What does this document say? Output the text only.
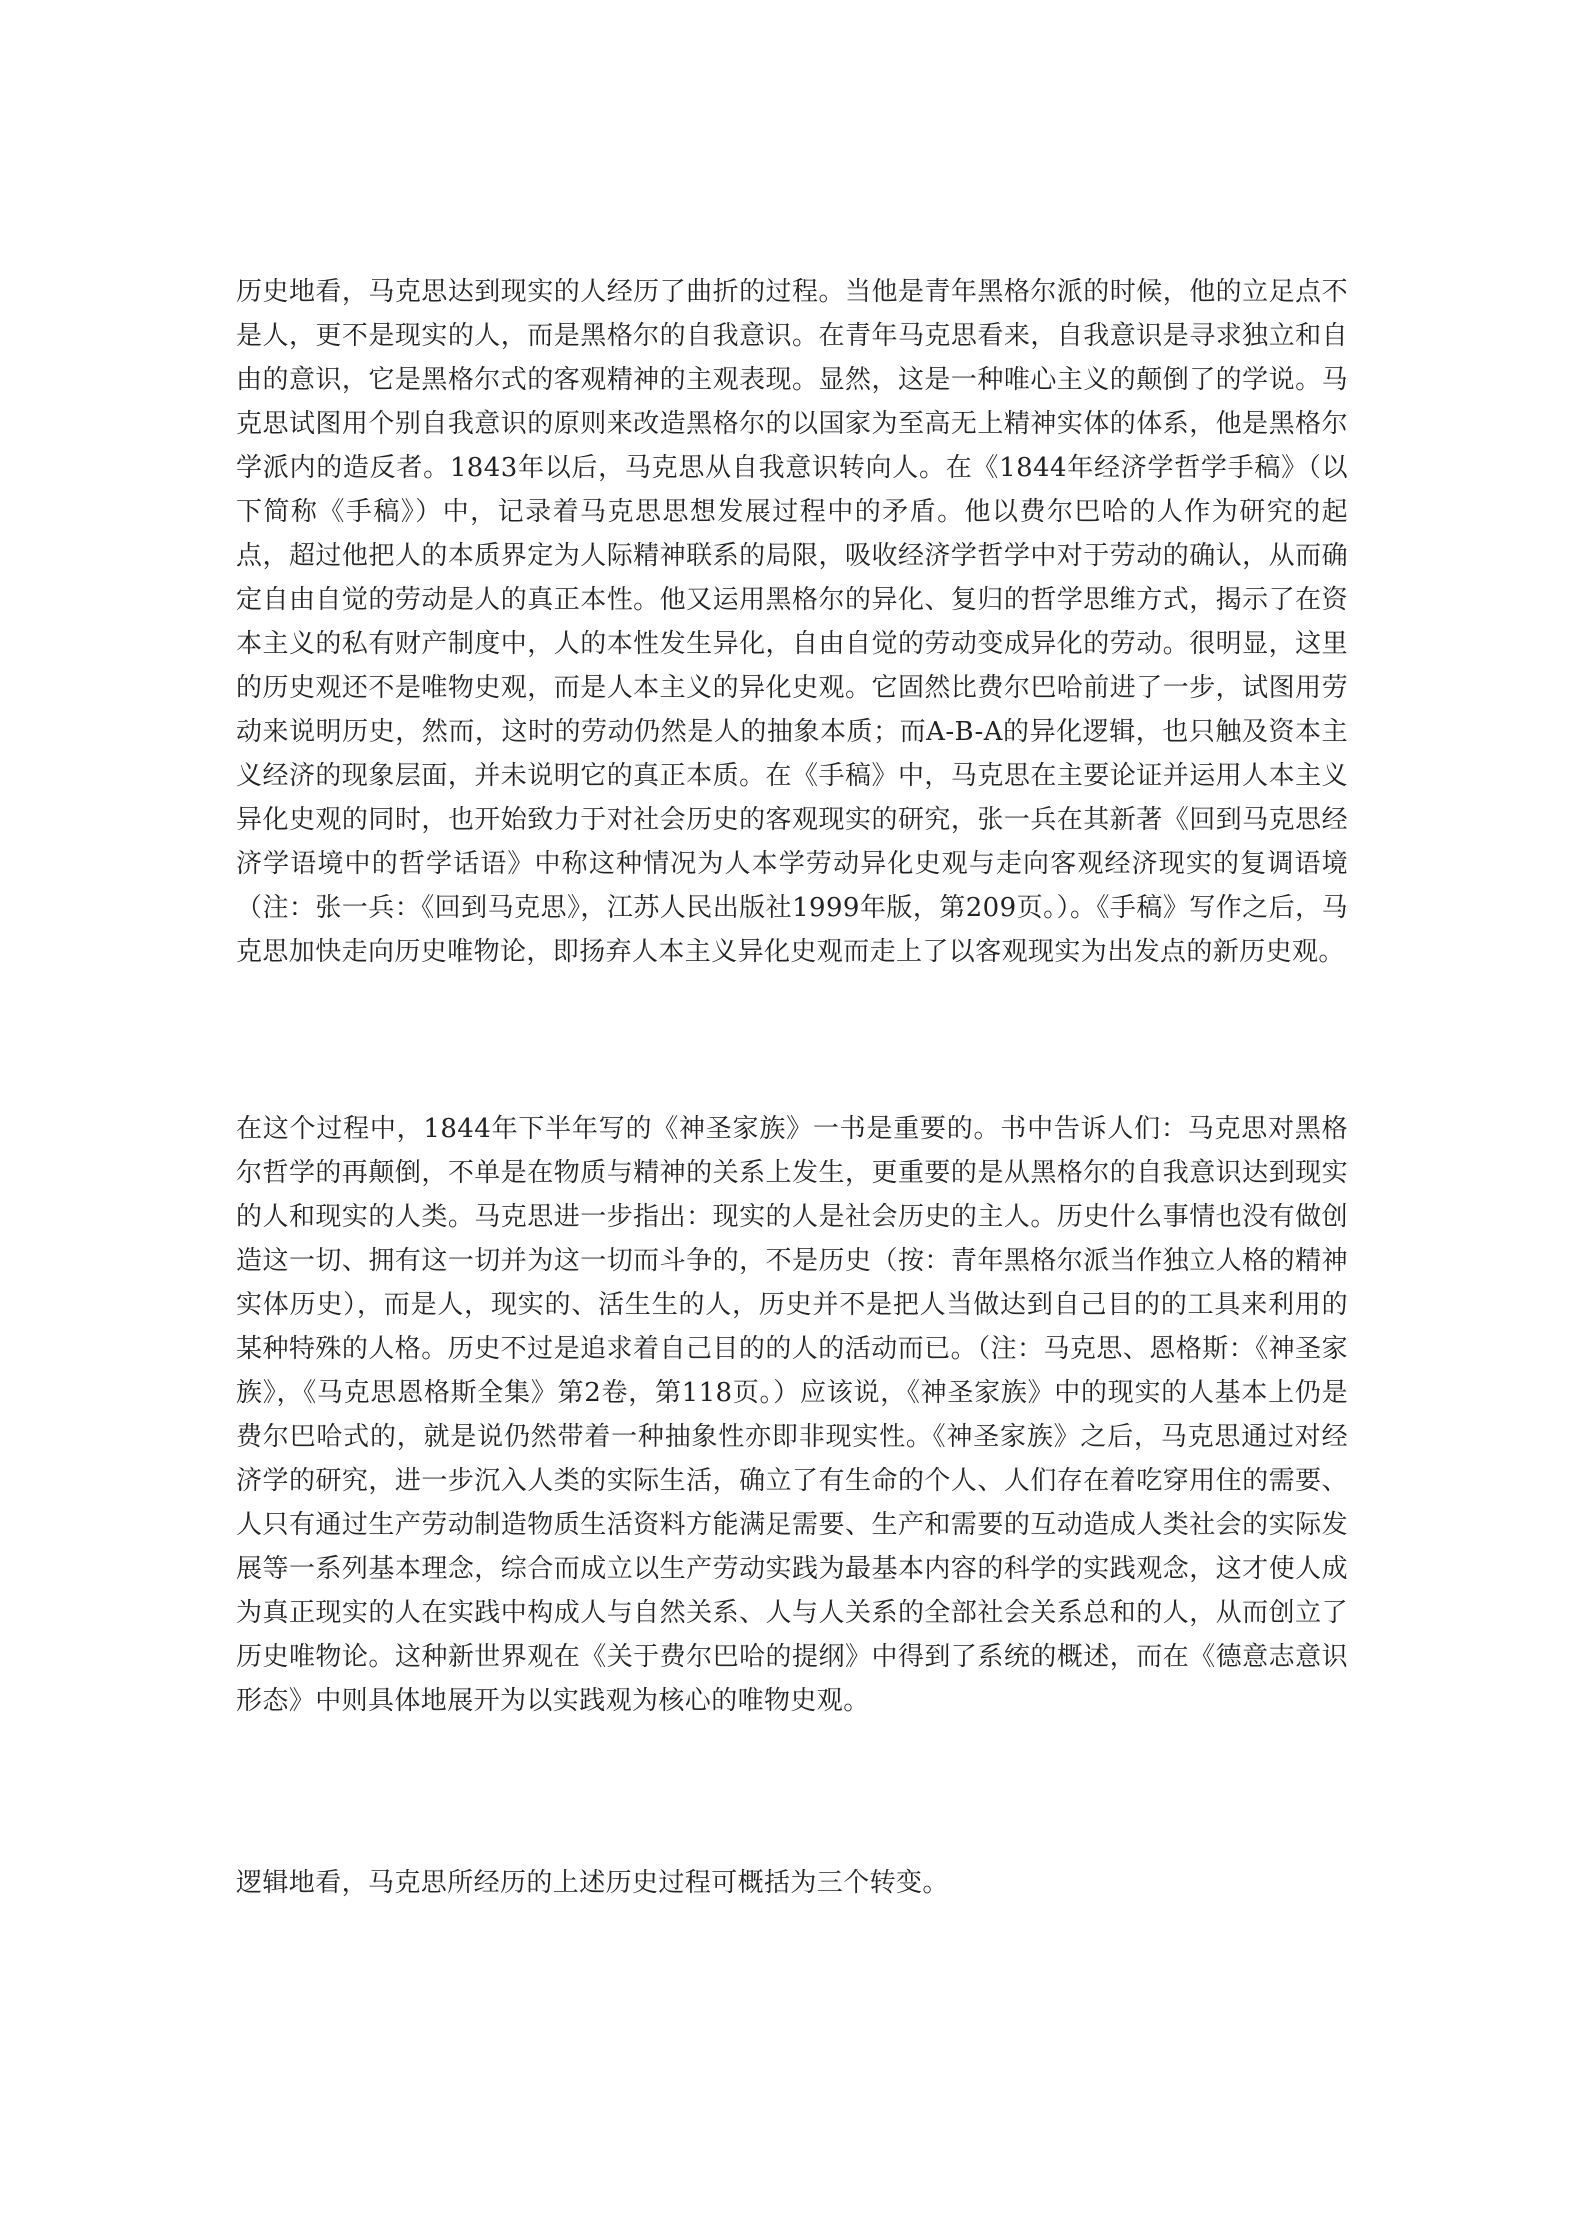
历史地看，马克思达到现实的人经历了曲折的过程。当他是青年黑格尔派的时候，他的立足点不是人，更不是现实的人，而是黑格尔的自我意识。在青年马克思看来，自我意识是寻求独立和自由的意识，它是黑格尔式的客观精神的主观表现。显然，这是一种唯心主义的颠倒了的学说。马克思试图用个别自我意识的原则来改造黑格尔的以国家为至高无上精神实体的体系，他是黑格尔学派内的造反者。1843年以后，马克思从自我意识转向人。在《1844年经济学哲学手稿》（以下简称《手稿》）中，记录着马克思思想发展过程中的矛盾。他以费尔巴哈的人作为研究的起点，超过他把人的本质界定为人际精神联系的局限，吸收经济学哲学中对于劳动的确认，从而确定自由自觉的劳动是人的真正本性。他又运用黑格尔的异化、复归的哲学思维方式，揭示了在资本主义的私有财产制度中，人的本性发生异化，自由自觉的劳动变成异化的劳动。很明显，这里的历史观还不是唯物史观，而是人本主义的异化史观。它固然比费尔巴哈前进了一步，试图用劳动来说明历史，然而，这时的劳动仍然是人的抽象本质；而A-B-A的异化逻辑，也只触及资本主义经济的现象层面，并未说明它的真正本质。在《手稿》中，马克思在主要论证并运用人本主义异化史观的同时，也开始致力于对社会历史的客观现实的研究，张一兵在其新著《回到马克思经济学语境中的哲学话语》中称这种情况为人本学劳动异化史观与走向客观经济现实的复调语境（注：张一兵：《回到马克思》，江苏人民出版社1999年版，第209页。）。《手稿》写作之后，马克思加快走向历史唯物论，即扬弃人本主义异化史观而走上了以客观现实为出发点的新历史观。

在这个过程中，1844年下半年写的《神圣家族》一书是重要的。书中告诉人们：马克思对黑格尔哲学的再颠倒，不单是在物质与精神的关系上发生，更重要的是从黑格尔的自我意识达到现实的人和现实的人类。马克思进一步指出：现实的人是社会历史的主人。历史什么事情也没有做创造这一切、拥有这一切并为这一切而斗争的，不是历史（按：青年黑格尔派当作独立人格的精神实体历史），而是人，现实的、活生生的人，历史并不是把人当做达到自己目的的工具来利用的某种特殊的人格。历史不过是追求着自己目的的人的活动而已。（注：马克思、恩格斯：《神圣家族》，《马克思恩格斯全集》第2卷，第118页。）应该说，《神圣家族》中的现实的人基本上仍是费尔巴哈式的，就是说仍然带着一种抽象性亦即非现实性。《神圣家族》之后，马克思通过对经济学的研究，进一步沉入人类的实际生活，确立了有生命的个人、人们存在着吃穿用住的需要、人只有通过生产劳动制造物质生活资料方能满足需要、生产和需要的互动造成人类社会的实际发展等一系列基本理念，综合而成立以生产劳动实践为最基本内容的科学的实践观念，这才使人成为真正现实的人在实践中构成人与自然关系、人与人关系的全部社会关系总和的人，从而创立了历史唯物论。这种新世界观在《关于费尔巴哈的提纲》中得到了系统的概述，而在《德意志意识形态》中则具体地展开为以实践观为核心的唯物史观。

逻辑地看，马克思所经历的上述历史过程可概括为三个转变。
